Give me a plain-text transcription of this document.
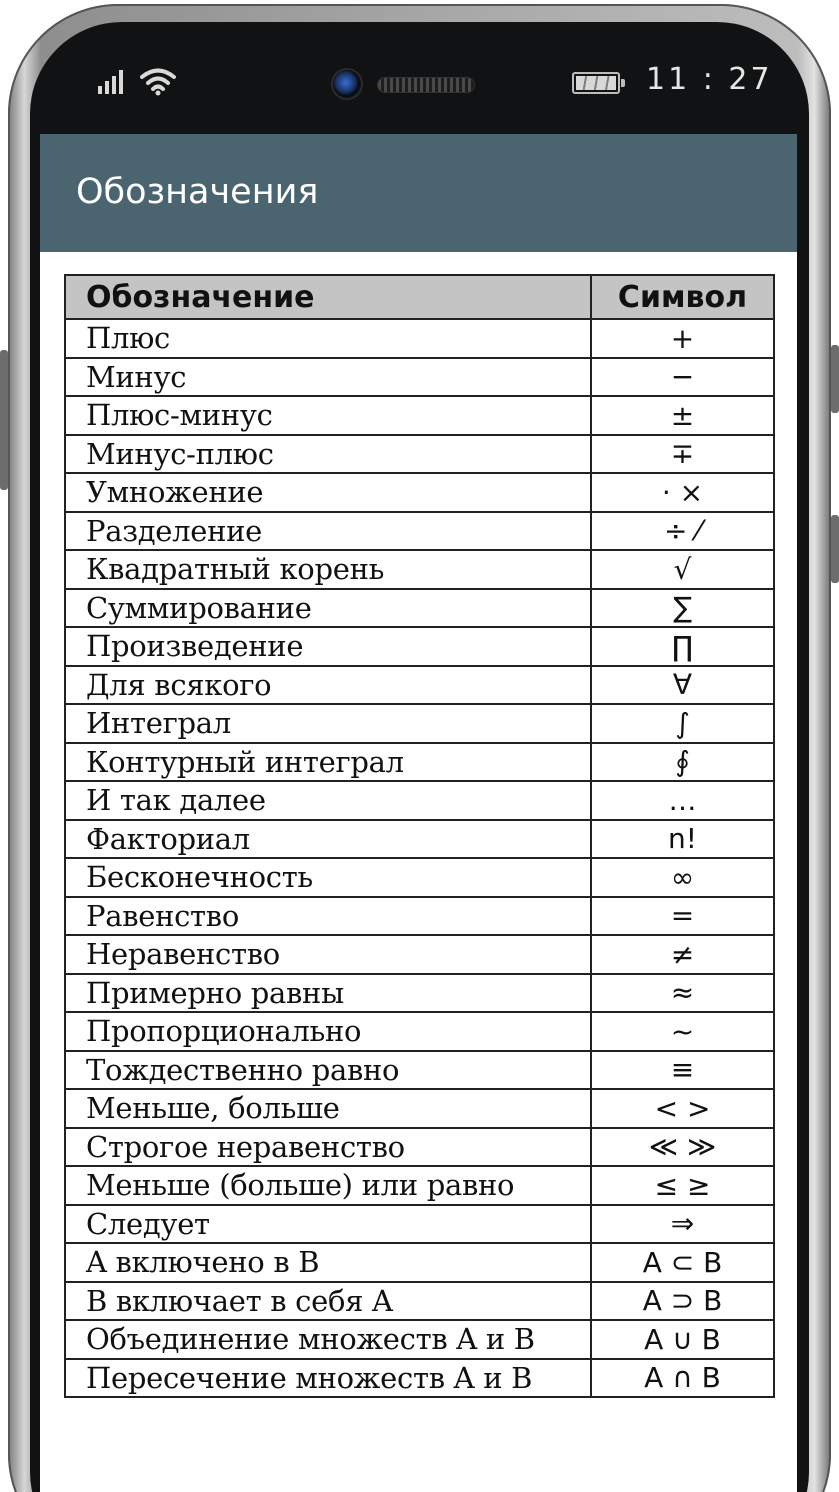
11 : 27
Обозначения
Обозначение	Символ
Плюс	+
Минус	−
Плюс-минус	±
Минус-плюс	∓
Умножение	· ×
Разделение	÷ ⁄
Квадратный корень	√
Суммирование	∑
Произведение	∏
Для всякого	∀
Интеграл	∫
Контурный интеграл	∮
И так далее	…
Факториал	n!
Бесконечность	∞
Равенство	=
Неравенство	≠
Примерно равны	≈
Пропорционально	~
Тождественно равно	≡
Меньше, больше	< >
Строгое неравенство	≪ ≫
Меньше (больше) или равно	≤ ≥
Следует	⇒
A включено в B	A ⊂ B
B включает в себя A	A ⊃ B
Объединение множеств A и B	A ∪ B
Пересечение множеств A и B	A ∩ B
